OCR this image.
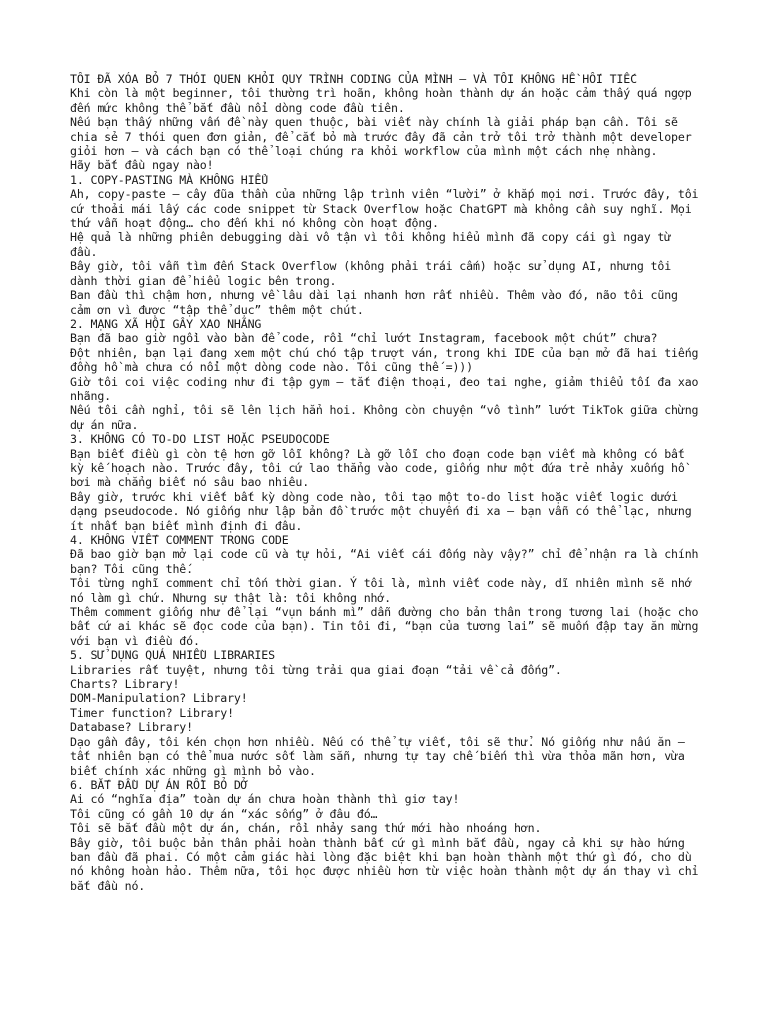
TÔI ĐÃ XÓA BỎ 7 THÓI QUEN KHỎI QUY TRÌNH CODING CỦA MÌNH — VÀ TÔI KHÔNG HỀ HỐI TIẾC
Khi còn là một beginner, tôi thường trì hoãn, không hoàn thành dự án hoặc cảm thấy quá ngợp đến mức không thể bắt đầu nổi dòng code đầu tiên.
Nếu bạn thấy những vấn đề này quen thuộc, bài viết này chính là giải pháp bạn cần. Tôi sẽ chia sẻ 7 thói quen đơn giản, để cắt bỏ mà trước đây đã cản trở tôi trở thành một developer giỏi hơn — và cách bạn có thể loại chúng ra khỏi workflow của mình một cách nhẹ nhàng.
Hãy bắt đầu ngay nào!
1. COPY-PASTING MÀ KHÔNG HIỂU
Ah, copy-paste — cây đũa thần của những lập trình viên “lười” ở khắp mọi nơi. Trước đây, tôi cứ thoải mái lấy các code snippet từ Stack Overflow hoặc ChatGPT mà không cần suy nghĩ. Mọi thứ vẫn hoạt động… cho đến khi nó không còn hoạt động.
Hệ quả là những phiên debugging dài vô tận vì tôi không hiểu mình đã copy cái gì ngay từ đầu.
Bây giờ, tôi vẫn tìm đến Stack Overflow (không phải trái cấm) hoặc sử dụng AI, nhưng tôi dành thời gian để hiểu logic bên trong.
Ban đầu thì chậm hơn, nhưng về lâu dài lại nhanh hơn rất nhiều. Thêm vào đó, não tôi cũng cảm ơn vì được “tập thể dục” thêm một chút.
2. MẠNG XÃ HỘI GÂY XAO NHÃNG
Bạn đã bao giờ ngồi vào bàn để code, rồi “chỉ lướt Instagram, facebook một chút” chưa?
Đột nhiên, bạn lại đang xem một chú chó tập trượt ván, trong khi IDE của bạn mở đã hai tiếng đồng hồ mà chưa có nổi một dòng code nào. Tôi cũng thế =)))
Giờ tôi coi việc coding như đi tập gym — tắt điện thoại, đeo tai nghe, giảm thiểu tối đa xao nhãng.
Nếu tôi cần nghỉ, tôi sẽ lên lịch hẳn hoi. Không còn chuyện “vô tình” lướt TikTok giữa chừng dự án nữa.
3. KHÔNG CÓ TO-DO LIST HOẶC PSEUDOCODE
Bạn biết điều gì còn tệ hơn gỡ lỗi không? Là gỡ lỗi cho đoạn code bạn viết mà không có bất kỳ kế hoạch nào. Trước đây, tôi cứ lao thẳng vào code, giống như một đứa trẻ nhảy xuống hồ bơi mà chẳng biết nó sâu bao nhiêu.
Bây giờ, trước khi viết bất kỳ dòng code nào, tôi tạo một to-do list hoặc viết logic dưới dạng pseudocode. Nó giống như lập bản đồ trước một chuyến đi xa — bạn vẫn có thể lạc, nhưng ít nhất bạn biết mình định đi đâu.
4. KHÔNG VIẾT COMMENT TRONG CODE
Đã bao giờ bạn mở lại code cũ và tự hỏi, “Ai viết cái đống này vậy?” chỉ để nhận ra là chính bạn? Tôi cũng thế.
Tôi từng nghĩ comment chỉ tốn thời gian. Ý tôi là, mình viết code này, dĩ nhiên mình sẽ nhớ nó làm gì chứ. Nhưng sự thật là: tôi không nhớ.
Thêm comment giống như để lại “vụn bánh mì” dẫn đường cho bản thân trong tương lai (hoặc cho bất cứ ai khác sẽ đọc code của bạn). Tin tôi đi, “bạn của tương lai” sẽ muốn đập tay ăn mừng với bạn vì điều đó.
5. SỬ DỤNG QUÁ NHIỀU LIBRARIES
Libraries rất tuyệt, nhưng tôi từng trải qua giai đoạn “tải về cả đống”.
Charts? Library!
DOM-Manipulation? Library!
Timer function? Library!
Database? Library!
Dạo gần đây, tôi kén chọn hơn nhiều. Nếu có thể tự viết, tôi sẽ thử. Nó giống như nấu ăn — tất nhiên bạn có thể mua nước sốt làm sẵn, nhưng tự tay chế biến thì vừa thỏa mãn hơn, vừa biết chính xác những gì mình bỏ vào.
6. BẮT ĐẦU DỰ ÁN RỒI BỎ DỞ
Ai có “nghĩa địa” toàn dự án chưa hoàn thành thì giơ tay!
Tôi cũng có gần 10 dự án “xác sống” ở đâu đó…
Tôi sẽ bắt đầu một dự án, chán, rồi nhảy sang thứ mới hào nhoáng hơn.
Bây giờ, tôi buộc bản thân phải hoàn thành bất cứ gì mình bắt đầu, ngay cả khi sự hào hứng ban đầu đã phai. Có một cảm giác hài lòng đặc biệt khi bạn hoàn thành một thứ gì đó, cho dù nó không hoàn hảo. Thêm nữa, tôi học được nhiều hơn từ việc hoàn thành một dự án thay vì chỉ bắt đầu nó.
